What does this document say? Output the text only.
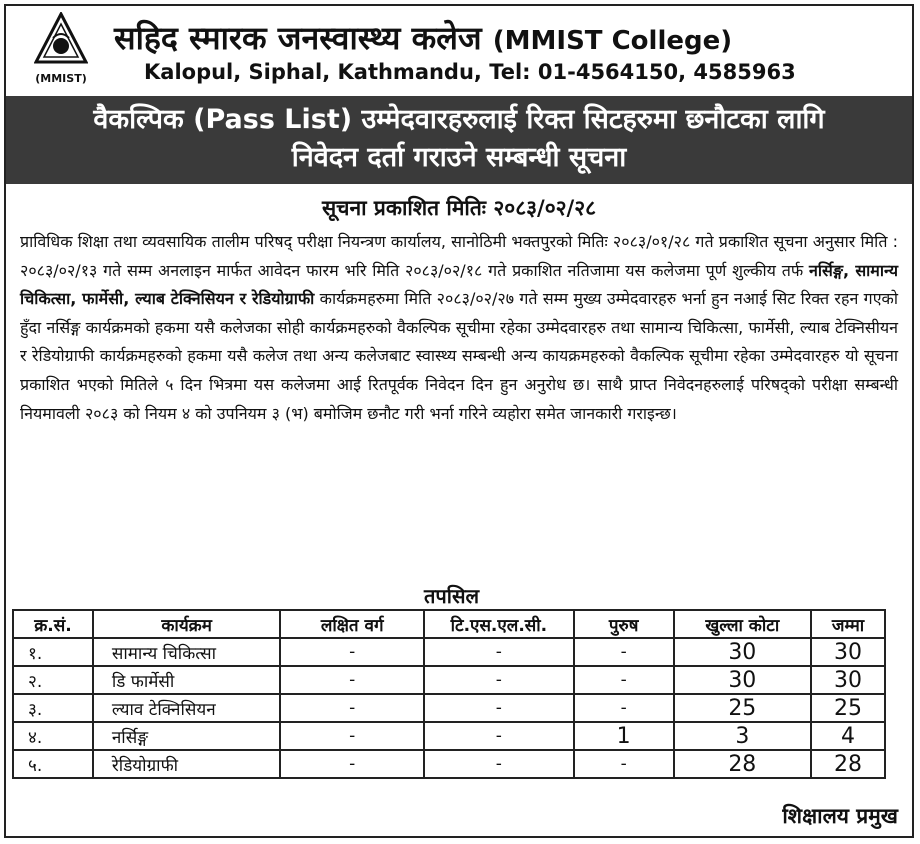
(MMIST)
सहिद स्मारक जनस्वास्थ्य कलेज (MMIST College)
Kalopul, Siphal, Kathmandu, Tel: 01-4564150, 4585963
वैकल्पिक (Pass List) उम्मेदवारहरुलाई रिक्त सिटहरुमा छनौटका लागि
निवेदन दर्ता गराउने सम्बन्धी सूचना
सूचना प्रकाशित मितिः २०८३/०२/२८
प्राविधिक शिक्षा तथा व्यवसायिक तालीम परिषद् परीक्षा नियन्त्रण कार्यालय, सानोठिमी भक्तपुरको मितिः २०८३/०१/२८ गते प्रकाशित सूचना अनुसार मिति : २०८३/०२/१३ गते सम्म अनलाइन मार्फत आवेदन फारम भरि मिति २०८३/०२/१८ गते प्रकाशित नतिजामा यस कलेजमा पूर्ण शुल्कीय तर्फ नर्सिङ्ग, सामान्य चिकित्सा, फार्मेसी, ल्याब टेक्निसियन र रेडियोग्राफी कार्यक्रमहरुमा मिति २०८३/०२/२७ गते सम्म मुख्य उम्मेदवारहरु भर्ना हुन नआई सिट रिक्त रहन गएको हुँदा नर्सिङ्ग कार्यक्रमको हकमा यसै कलेजका सोही कार्यक्रमहरुको वैकल्पिक सूचीमा रहेका उम्मेदवारहरु तथा सामान्य चिकित्सा, फार्मेसी, ल्याब टेक्निसीयन र रेडियोग्राफी कार्यक्रमहरुको हकमा यसै कलेज तथा अन्य कलेजबाट स्वास्थ्य सम्बन्धी अन्य कायक्रमहरुको वैकल्पिक सूचीमा रहेका उम्मेदवारहरु यो सूचना प्रकाशित भएको मितिले ५ दिन भित्रमा यस कलेजमा आई रितपूर्वक निवेदन दिन हुन अनुरोध छ। साथै प्राप्त निवेदनहरुलाई परिषद्को परीक्षा सम्बन्धी नियमावली २०८३ को नियम ४ को उपनियम ३ (भ) बमोजिम छनौट गरी भर्ना गरिने व्यहोरा समेत जानकारी गराइन्छ।
तपसिल
क्र.सं.	कार्यक्रम	लक्षित वर्ग	टि.एस.एल.सी.	पुरुष	खुल्ला कोटा	जम्मा
१.	सामान्य चिकित्सा	-	-	-	30	30
२.	डि फार्मेसी	-	-	-	30	30
३.	ल्याव टेक्निसियन	-	-	-	25	25
४.	नर्सिङ्ग	-	-	1	3	4
५.	रेडियोग्राफी	-	-	-	28	28
शिक्षालय प्रमुख
